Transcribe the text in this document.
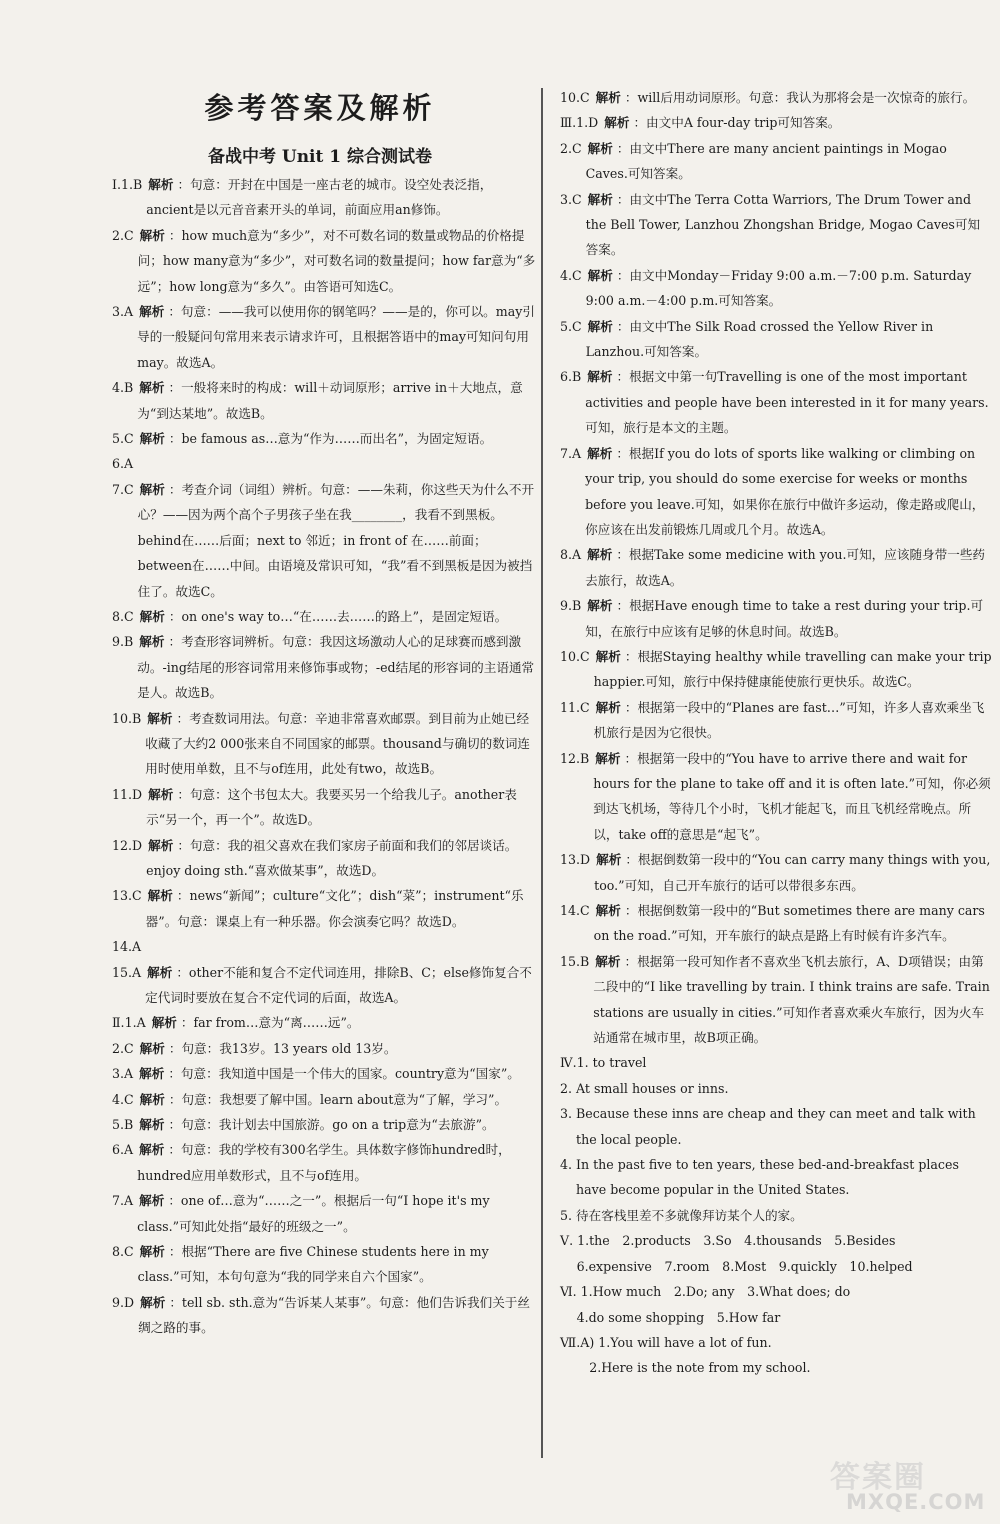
参考答案及解析
备战中考 Unit 1 综合测试卷
Ⅰ.1.B 解析 ：句意：开封在中国是一座古老的城市。设空处表泛指，ancient是以元音音素开头的单词，前面应用an修饰。
2.C 解析 ：how much意为“多少”，对不可数名词的数量或物品的价格提问；how many意为“多少”，对可数名词的数量提问；how far意为“多远”；how long意为“多久”。由答语可知选C。
3.A 解析 ：句意：——我可以使用你的钢笔吗？——是的，你可以。may引导的一般疑问句常用来表示请求许可，且根据答语中的may可知问句用may。故选A。
4.B 解析 ：一般将来时的构成：will＋动词原形；arrive in＋大地点，意为“到达某地”。故选B。
5.C 解析 ：be famous as…意为“作为……而出名”，为固定短语。
6.A
7.C 解析 ：考查介词（词组）辨析。句意：——朱莉，你这些天为什么不开心？——因为两个高个子男孩子坐在我________，我看不到黑板。behind在……后面；next to 邻近；in front of 在……前面；between在……中间。由语境及常识可知，“我”看不到黑板是因为被挡住了。故选C。
8.C 解析 ：on one's way to…“在……去……的路上”，是固定短语。
9.B 解析 ：考查形容词辨析。句意：我因这场激动人心的足球赛而感到激动。-ing结尾的形容词常用来修饰事或物；-ed结尾的形容词的主语通常是人。故选B。
10.B 解析 ：考查数词用法。句意：辛迪非常喜欢邮票。到目前为止她已经收藏了大约2 000张来自不同国家的邮票。thousand与确切的数词连用时使用单数，且不与of连用，此处有two，故选B。
11.D 解析 ：句意：这个书包太大。我要买另一个给我儿子。another表示“另一个，再一个”。故选D。
12.D 解析 ：句意：我的祖父喜欢在我们家房子前面和我们的邻居谈话。enjoy doing sth.“喜欢做某事”，故选D。
13.C 解析 ：news“新闻”；culture“文化”；dish“菜”；instrument“乐器”。句意：课桌上有一种乐器。你会演奏它吗？故选D。
14.A
15.A 解析 ：other不能和复合不定代词连用，排除B、C；else修饰复合不定代词时要放在复合不定代词的后面，故选A。
Ⅱ.1.A 解析 ：far from…意为“离……远”。
2.C 解析 ：句意：我13岁。13 years old 13岁。
3.A 解析 ：句意：我知道中国是一个伟大的国家。country意为“国家”。
4.C 解析 ：句意：我想要了解中国。learn about意为“了解，学习”。
5.B 解析 ：句意：我计划去中国旅游。go on a trip意为“去旅游”。
6.A 解析 ：句意：我的学校有300名学生。具体数字修饰hundred时，hundred应用单数形式，且不与of连用。
7.A 解析 ：one of…意为“……之一”。根据后一句“I hope it's my class.”可知此处指“最好的班级之一”。
8.C 解析 ：根据“There are five Chinese students here in my class.”可知，本句句意为“我的同学来自六个国家”。
9.D 解析 ：tell sb. sth.意为“告诉某人某事”。句意：他们告诉我们关于丝绸之路的事。
10.C 解析 ：will后用动词原形。句意：我认为那将会是一次惊奇的旅行。
Ⅲ.1.D 解析 ：由文中A four-day trip可知答案。
2.C 解析 ：由文中There are many ancient paintings in Mogao Caves.可知答案。
3.C 解析 ：由文中The Terra Cotta Warriors, The Drum Tower and the Bell Tower, Lanzhou Zhongshan Bridge, Mogao Caves可知答案。
4.C 解析 ：由文中Monday－Friday 9:00 a.m.－7:00 p.m. Saturday 9:00 a.m.－4:00 p.m.可知答案。
5.C 解析 ：由文中The Silk Road crossed the Yellow River in Lanzhou.可知答案。
6.B 解析 ：根据文中第一句Travelling is one of the most important activities and people have been interested in it for many years.可知，旅行是本文的主题。
7.A 解析 ：根据If you do lots of sports like walking or climbing on your trip, you should do some exercise for weeks or months before you leave.可知，如果你在旅行中做许多运动，像走路或爬山，你应该在出发前锻炼几周或几个月。故选A。
8.A 解析 ：根据Take some medicine with you.可知，应该随身带一些药去旅行，故选A。
9.B 解析 ：根据Have enough time to take a rest during your trip.可知，在旅行中应该有足够的休息时间。故选B。
10.C 解析 ：根据Staying healthy while travelling can make your trip happier.可知，旅行中保持健康能使旅行更快乐。故选C。
11.C 解析 ：根据第一段中的“Planes are fast…”可知，许多人喜欢乘坐飞机旅行是因为它很快。
12.B 解析 ：根据第一段中的“You have to arrive there and wait for hours for the plane to take off and it is often late.”可知，你必须到达飞机场，等待几个小时，飞机才能起飞，而且飞机经常晚点。所以，take off的意思是“起飞”。
13.D 解析 ：根据倒数第一段中的“You can carry many things with you, too.”可知，自己开车旅行的话可以带很多东西。
14.C 解析 ：根据倒数第一段中的“But sometimes there are many cars on the road.”可知，开车旅行的缺点是路上有时候有许多汽车。
15.B 解析 ：根据第一段可知作者不喜欢坐飞机去旅行，A、D项错误；由第二段中的“I like travelling by train. I think trains are safe. Train stations are usually in cities.”可知作者喜欢乘火车旅行，因为火车站通常在城市里，故B项正确。
Ⅳ.1. to travel
2. At small houses or inns.
3. Because these inns are cheap and they can meet and talk with the local people.
4. In the past five to ten years, these bed-and-breakfast places have become popular in the United States.
5. 待在客栈里差不多就像拜访某个人的家。
Ⅴ. 1.the　2.products　3.So　4.thousands　5.Besides
　6.expensive　7.room　8.Most　9.quickly　10.helped
Ⅵ. 1.How much　2.Do; any　3.What does; do
　4.do some shopping　5.How far
Ⅶ.A) 1.You will have a lot of fun.
　　2.Here is the note from my school.
答案圈
MXQE.COM
